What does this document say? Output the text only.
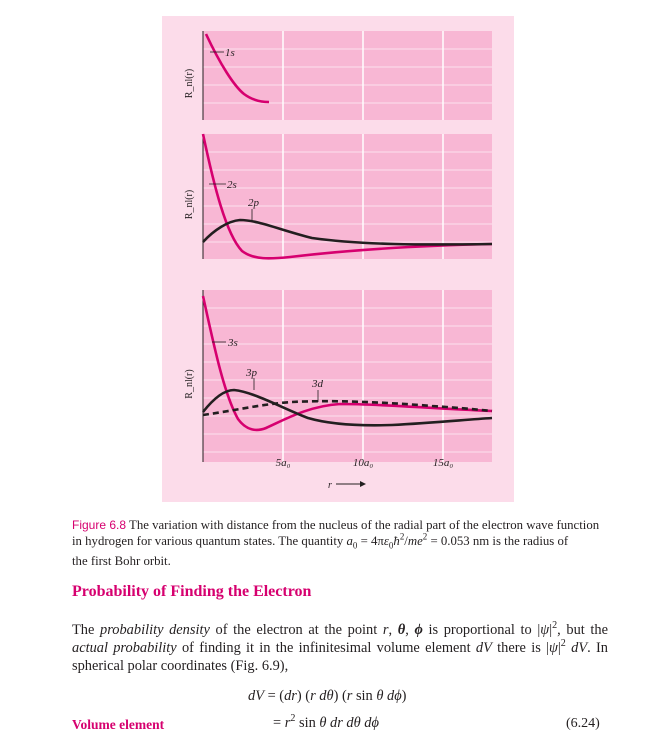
R_nl(r)
R_nl(r)
R_nl(r)
1s
2s
2p
3s
3p
3d
5a₀	10a₀	15a₀
r
Figure 6.8 The variation with distance from the nucleus of the radial part of the electron wave function
in hydrogen for various quantum states. The quantity $a_0$ = $4\pi\varepsilon_0ħ^2/me^2 = 0.053$ nm is the radius of
the first Bohr orbit.
Probability of Finding the Electron
The probability density of the electron at the point r, θ, ϕ is proportional to $|\psi|^2$, but the actual probability of finding it in the infinitesimal volume element dV there is $|\psi|^2$ dV. In spherical polar coordinates (Fig. 6.9),
dV = (dr) (r dθ) (r sin θ dϕ)
Volume element	= $r^2$ sin θ dr dθ dϕ	(6.24)
